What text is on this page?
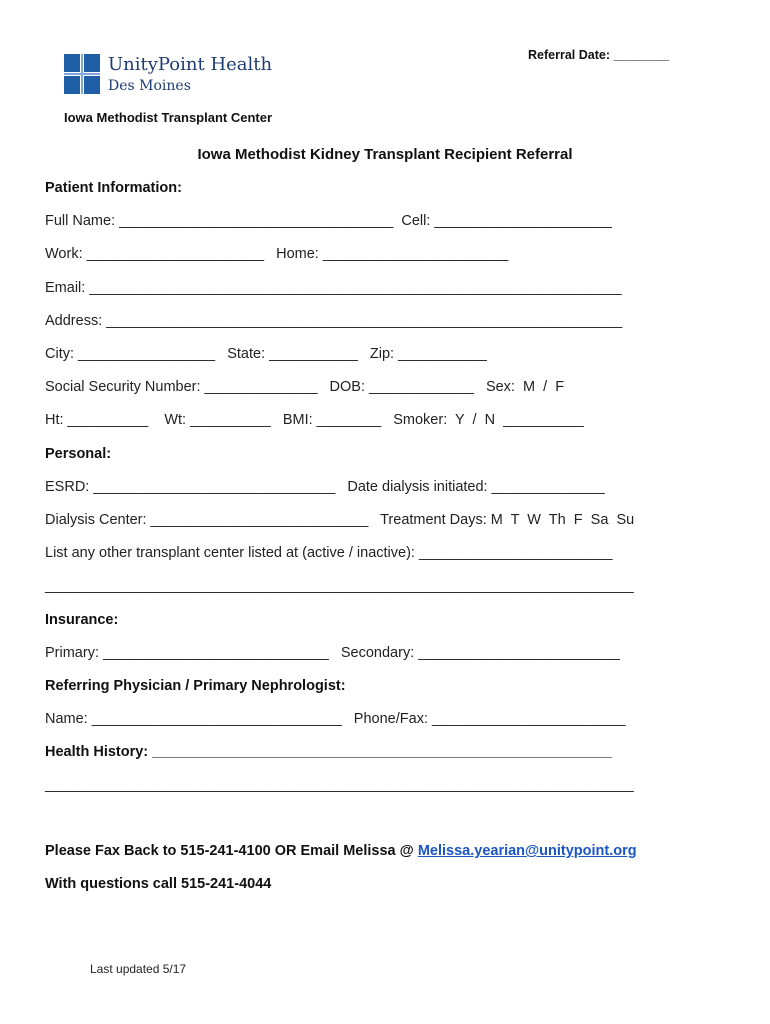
UnityPoint Health
Des Moines
Iowa Methodist Transplant Center
Referral Date: ________
Iowa Methodist Kidney Transplant Recipient Referral
Patient Information:
Full Name: __________________________________  Cell: ______________________
Work: ______________________   Home: _______________________
Email: __________________________________________________________________
Address: ________________________________________________________________
City: _________________   State: ___________   Zip: ___________
Social Security Number: ______________   DOB: _____________   Sex:  M  /  F
Ht: __________    Wt: __________   BMI: ________   Smoker:  Y  /  N  __________
Personal:
ESRD: ______________________________   Date dialysis initiated: ______________
Dialysis Center: ___________________________   Treatment Days: M  T  W  Th  F  Sa  Su
List any other transplant center listed at (active / inactive): ________________________
_________________________________________________________________________
Insurance:
Primary: ____________________________   Secondary: _________________________
Referring Physician / Primary Nephrologist:
Name: _______________________________   Phone/Fax: ________________________
Health History: _________________________________________________________
_________________________________________________________________________
Please Fax Back to 515-241-4100 OR Email Melissa @ Melissa.yearian@unitypoint.org
With questions call 515-241-4044
Last updated 5/17
